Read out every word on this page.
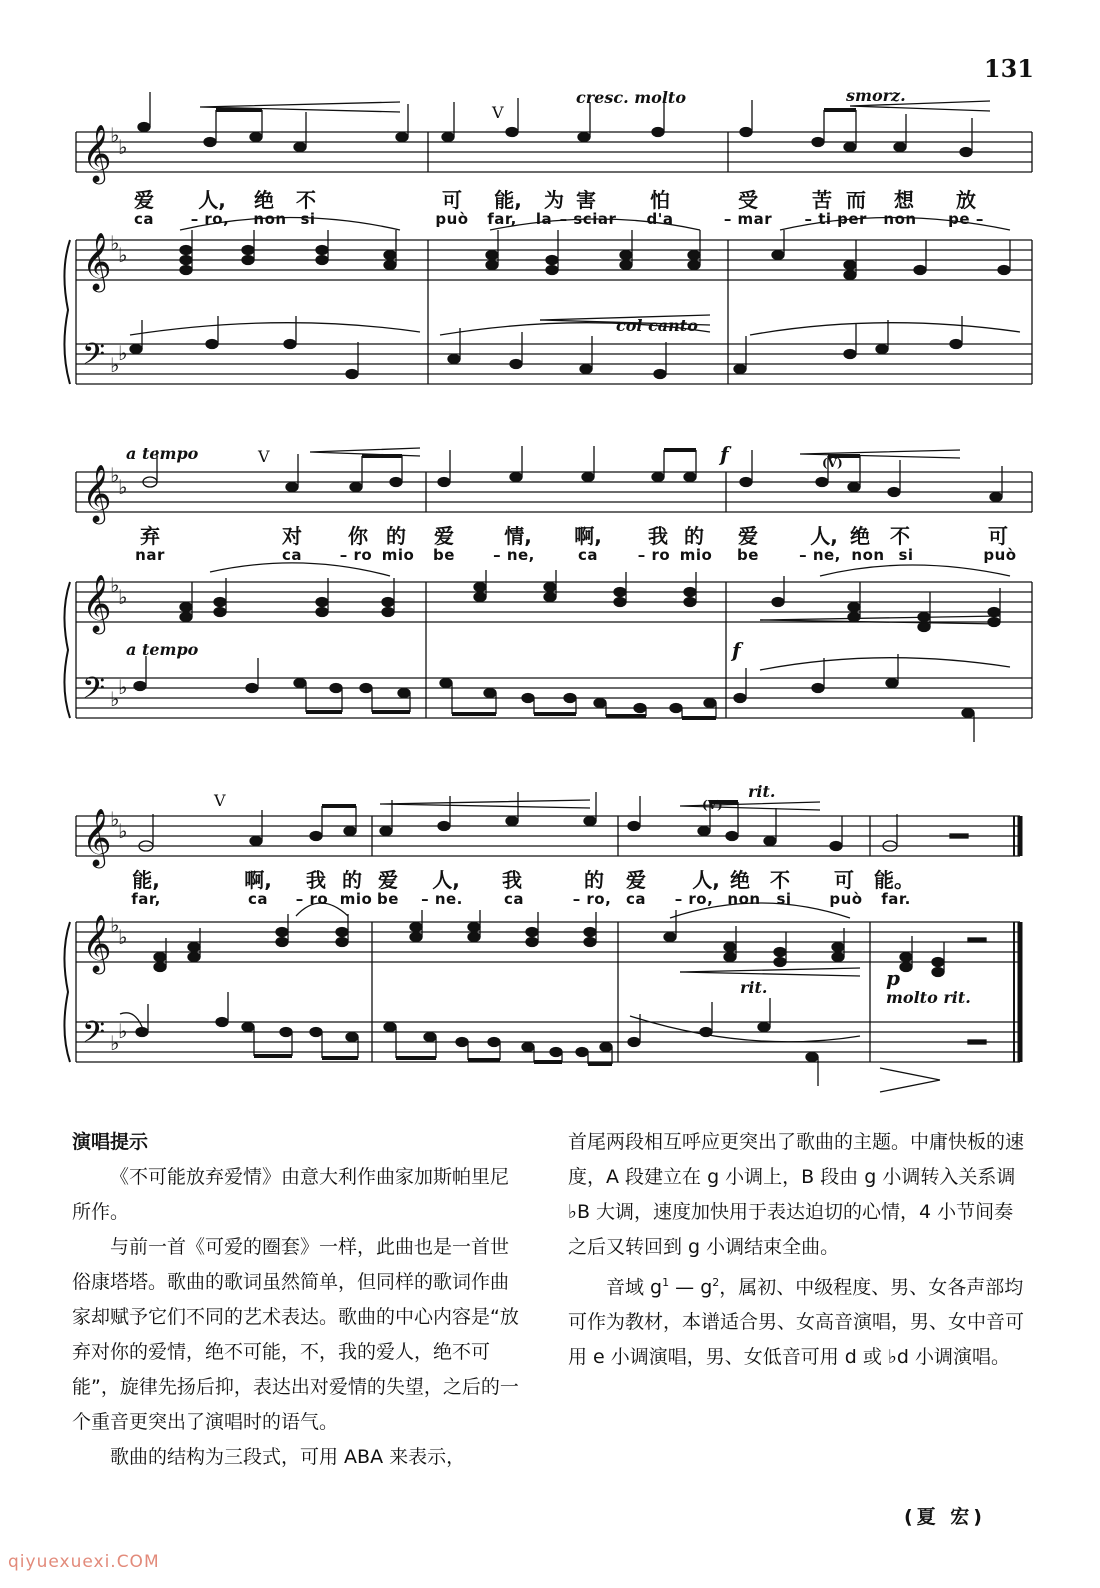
131
𝄞
𝄞
𝄢
♭
♭
♭
♭
♭
♭
V
cresc. molto	smorz.
col canto
爱 人, 绝 不	可 能, 为 害	怕	受	苦 而 想 放
ca – ro, non si	può far, la – sciar d'a	– mar – ti per non pe –
𝄞
𝄞
𝄢
♭
♭
♭
♭
♭
♭
V
a tempo	f	(V)
a tempo	f
弃	对 你 的 爱	情, 啊, 我 的 爱	人, 绝 不	可
nar	ca	– ro mio be	– ne,	ca	– ro mio be	– ne, non si	può
𝄞
𝄞
𝄢
♭
♭
♭
♭
♭
♭
V	rit.
(V)
rit.	p
molto rit.
能,	啊, 我 的 爱 人, 我	的 爱 人, 绝 不 可 能。
far,	ca – ro mio be – ne.	ca	– ro, ca – ro, non si	può far.

演唱提示

《不可能放弃爱情》由意大利作曲家加斯帕里尼所作。

与前一首《可爱的圈套》一样，此曲也是一首世俗康塔塔。歌曲的歌词虽然简单，但同样的歌词作曲家却赋予它们不同的艺术表达。歌曲的中心内容是“放弃对你的爱情，绝不可能，不，我的爱人，绝不可能”，旋律先扬后抑，表达出对爱情的失望，之后的一个重音更突出了演唱时的语气。

歌曲的结构为三段式，可用 ABA 来表示，

首尾两段相互呼应更突出了歌曲的主题。中庸快板的速度，A 段建立在 g 小调上，B 段由 g 小调转入关系调 ♭B 大调，速度加快用于表达迫切的心情，4 小节间奏之后又转回到 g 小调结束全曲。

音域 $g^1$ — $g^2$，属初、中级程度、男、女各声部均可作为教材，本谱适合男、女高音演唱，男、女中音可用 e 小调演唱，男、女低音可用 d 或 ♭d 小调演唱。

(夏 宏)
qiyuexuexi.COM
